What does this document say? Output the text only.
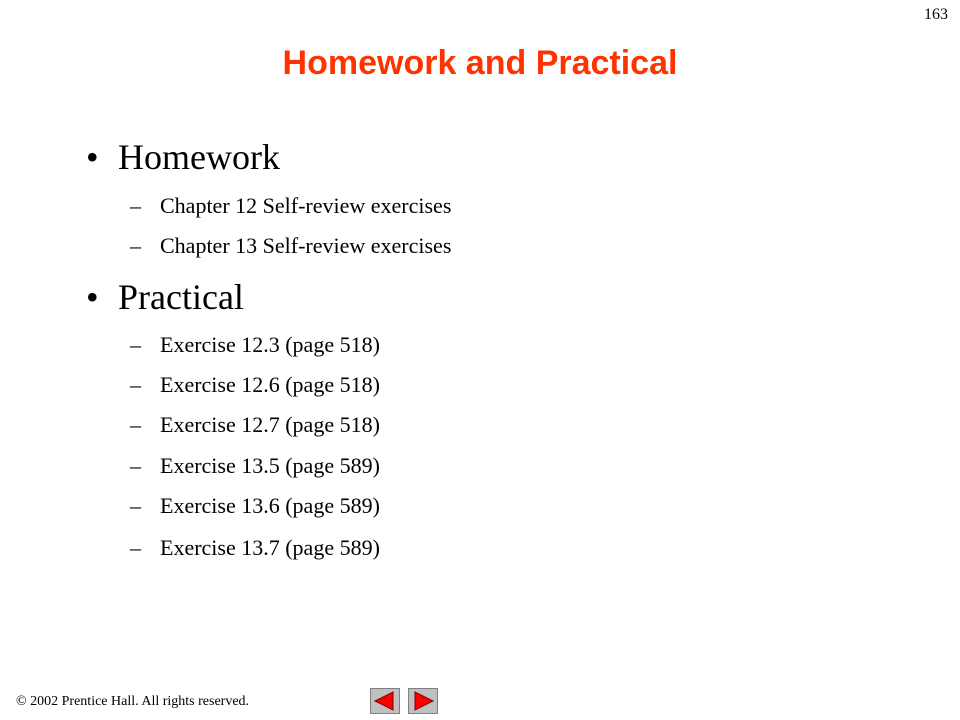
163
Homework and Practical
• Homework
– Chapter 12 Self-review exercises
– Chapter 13 Self-review exercises
• Practical
– Exercise 12.3 (page 518)
– Exercise 12.6 (page 518)
– Exercise 12.7 (page 518)
– Exercise 13.5 (page 589)
– Exercise 13.6 (page 589)
– Exercise 13.7 (page 589)
© 2002 Prentice Hall. All rights reserved.
